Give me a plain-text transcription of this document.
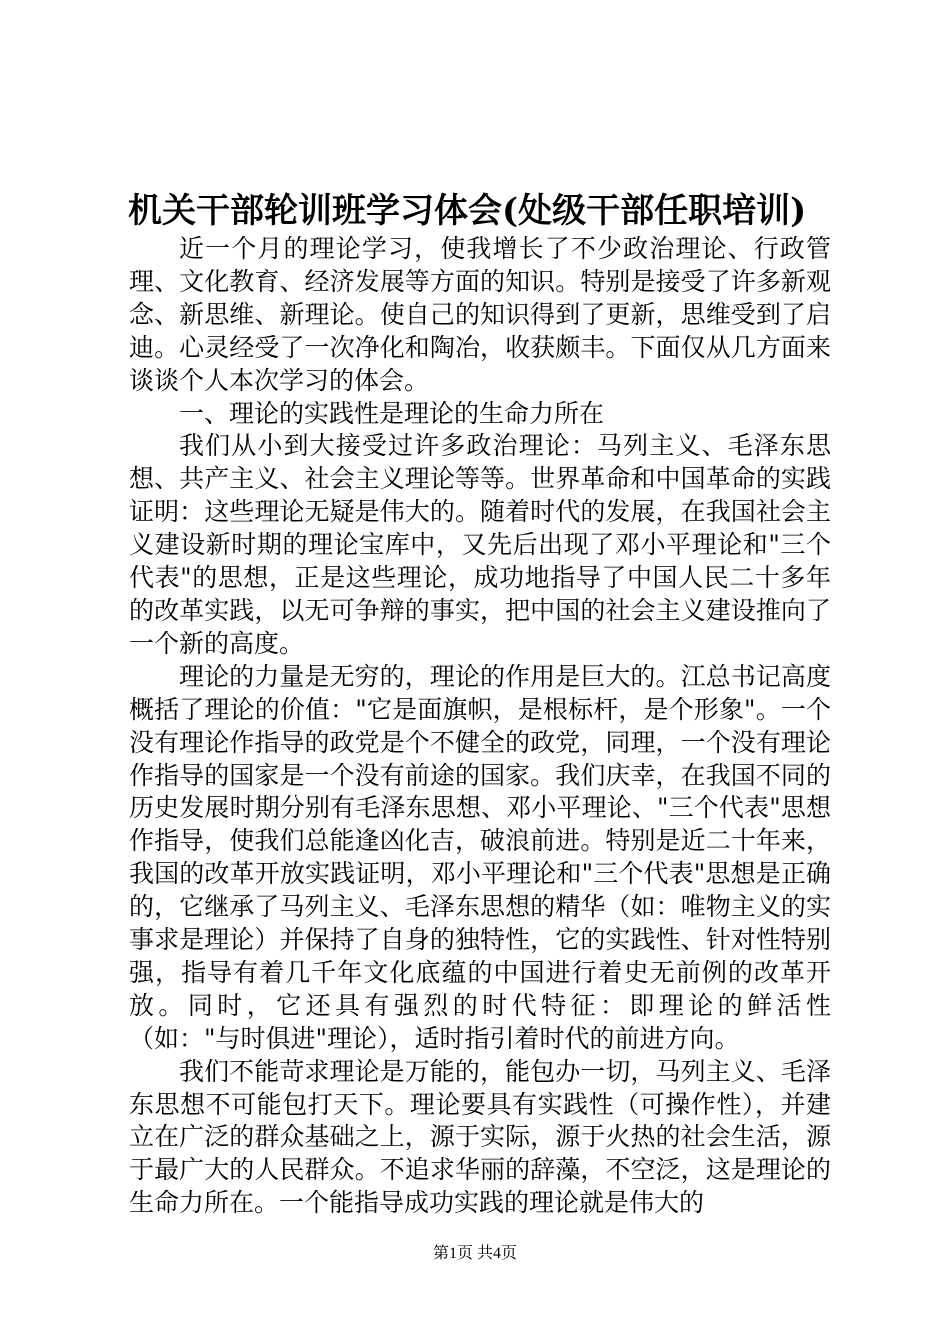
机关干部轮训班学习体会(处级干部任职培训)

近一个月的理论学习，使我增长了不少政治理论、行政管理、文化教育、经济发展等方面的知识。特别是接受了许多新观念、新思维、新理论。使自己的知识得到了更新，思维受到了启迪。心灵经受了一次净化和陶冶，收获颇丰。下面仅从几方面来谈谈个人本次学习的体会。

一、理论的实践性是理论的生命力所在

我们从小到大接受过许多政治理论：马列主义、毛泽东思想、共产主义、社会主义理论等等。世界革命和中国革命的实践证明：这些理论无疑是伟大的。随着时代的发展，在我国社会主义建设新时期的理论宝库中，又先后出现了邓小平理论和"三个代表"的思想，正是这些理论，成功地指导了中国人民二十多年的改革实践，以无可争辩的事实，把中国的社会主义建设推向了一个新的高度。

理论的力量是无穷的，理论的作用是巨大的。江总书记高度概括了理论的价值："它是面旗帜，是根标杆，是个形象"。一个没有理论作指导的政党是个不健全的政党，同理，一个没有理论作指导的国家是一个没有前途的国家。我们庆幸，在我国不同的历史发展时期分别有毛泽东思想、邓小平理论、"三个代表"思想作指导，使我们总能逢凶化吉，破浪前进。特别是近二十年来，我国的改革开放实践证明，邓小平理论和"三个代表"思想是正确的，它继承了马列主义、毛泽东思想的精华（如：唯物主义的实事求是理论）并保持了自身的独特性，它的实践性、针对性特别强，指导有着几千年文化底蕴的中国进行着史无前例的改革开放。同时，它还具有强烈的时代特征：即理论的鲜活性（如："与时俱进"理论），适时指引着时代的前进方向。

我们不能苛求理论是万能的，能包办一切，马列主义、毛泽东思想不可能包打天下。理论要具有实践性（可操作性），并建立在广泛的群众基础之上，源于实际，源于火热的社会生活，源于最广大的人民群众。不追求华丽的辞藻，不空泛，这是理论的生命力所在。一个能指导成功实践的理论就是伟大的

第1页 共4页
